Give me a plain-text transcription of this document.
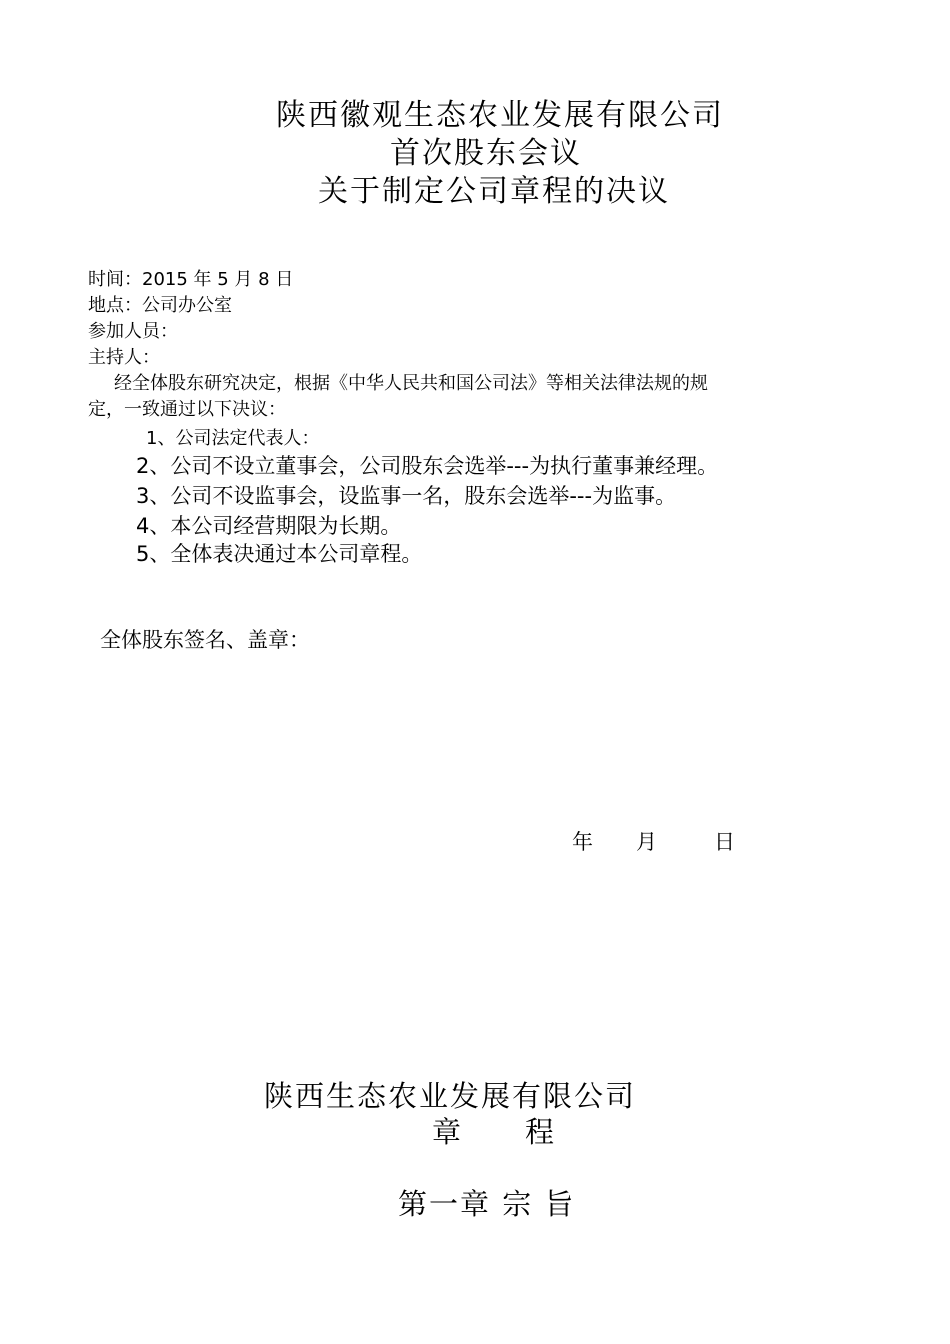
陕西徽观生态农业发展有限公司
首次股东会议
关于制定公司章程的决议
时间：2015 年 5 月 8 日
地点：公司办公室
参加人员：
主持人：
经全体股东研究决定，根据《中华人民共和国公司法》等相关法律法规的规
定，一致通过以下决议：
1、公司法定代表人：
2、公司不设立董事会，公司股东会选举---为执行董事兼经理。
3、公司不设监事会，设监事一名，股东会选举---为监事。
4、本公司经营期限为长期。
5、全体表决通过本公司章程。
全体股东签名、盖章：
年 月	日
陕西生态农业发展有限公司
章　　程
第一章 宗 旨
